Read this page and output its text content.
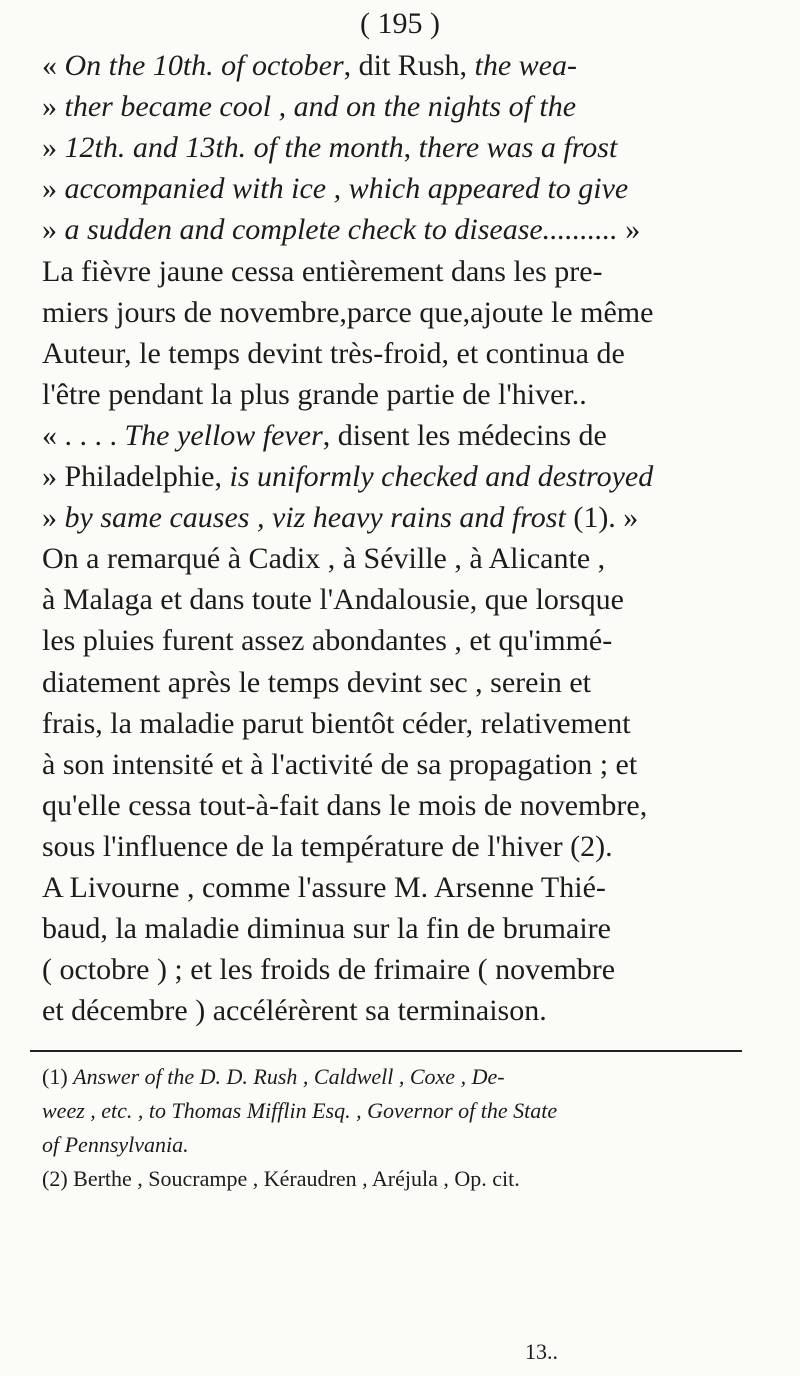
( 195 )
« On the 10th. of october, dit Rush, the wea-
» ther became cool , and on the nights of the
» 12th. and 13th. of the month, there was a frost
» accompanied with ice , which appeared to give
» a sudden and complete check to disease.......... »
La fièvre jaune cessa entièrement dans les pre-
miers jours de novembre,parce que,ajoute le même
Auteur, le temps devint très-froid, et continua de
l'être pendant la plus grande partie de l'hiver..
« . . . . The yellow fever, disent les médecins de
» Philadelphie, is uniformly checked and destroyed
» by same causes , viz heavy rains and frost (1). »
On a remarqué à Cadix , à Séville , à Alicante ,
à Malaga et dans toute l'Andalousie, que lorsque
les pluies furent assez abondantes , et qu'immé-
diatement après le temps devint sec , serein et
frais, la maladie parut bientôt céder, relativement
à son intensité et à l'activité de sa propagation ; et
qu'elle cessa tout-à-fait dans le mois de novembre,
sous l'influence de la température de l'hiver (2).
A Livourne , comme l'assure M. Arsenne Thié-
baud, la maladie diminua sur la fin de brumaire
( octobre ) ; et les froids de frimaire ( novembre
et décembre ) accélérèrent sa terminaison.
(1) Answer of the D. D. Rush , Caldwell , Coxe , De-
weez , etc. , to Thomas Mifflin Esq. , Governor of the State
of Pennsylvania.
(2) Berthe , Soucrampe , Kéraudren , Aréjula , Op. cit.
13..
